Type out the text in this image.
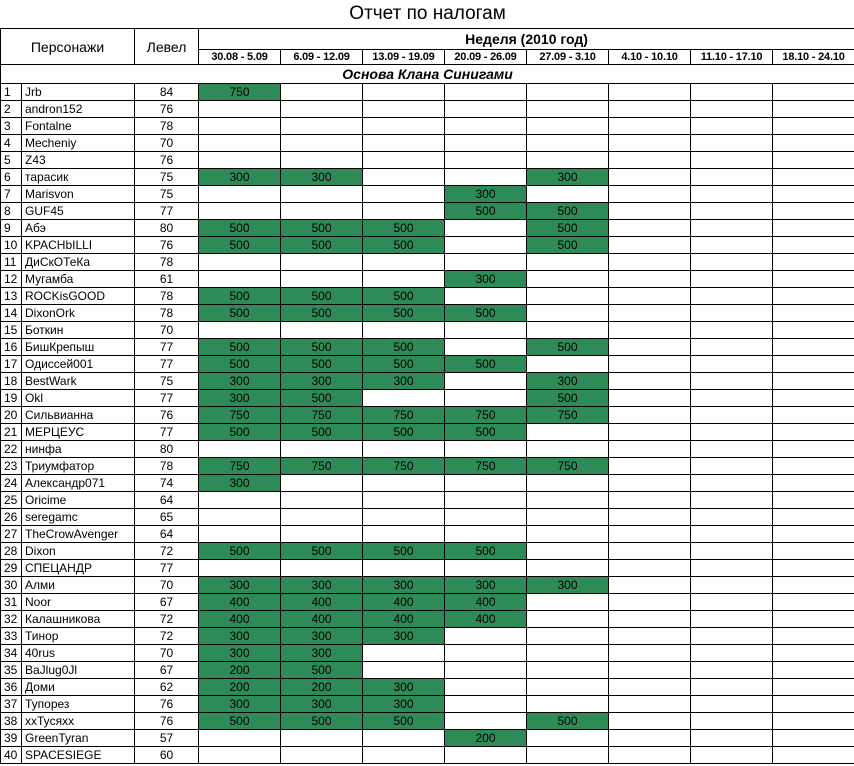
Отчет по налогам										
Персонажи		Левел	Неделя (2010 год)							
			30.08 - 5.09	6.09 - 12.09	13.09 - 19.09	20.09 - 26.09	27.09 - 3.10	4.10 - 10.10	11.10 - 17.10	18.10 - 24.10
Основа Клана Синигами										
1	Jrb	84	750							
2	andron152	76								
3	Fontalne	78								
4	Mecheniy	70								
5	Z43	76								
6	тарасик	75	300	300			300			
7	Marisvon	75				300				
8	GUF45	77				500	500			
9	Абэ	80	500	500	500		500			
10	KPACHbILLI	76	500	500	500		500			
11	ДиСкОТеКа	78								
12	Мугамба	61				300				
13	ROCKisGOOD	78	500	500	500					
14	DixonOrk	78	500	500	500	500				
15	Боткин	70								
16	БишКрепыш	77	500	500	500		500			
17	Одиссей001	77	500	500	500	500				
18	BestWark	75	300	300	300		300			
19	Okl	77	300	500			500			
20	Сильвианна	76	750	750	750	750	750			
21	МЕРЦЕУС	77	500	500	500	500				
22	нинфа	80								
23	Триумфатор	78	750	750	750	750	750			
24	Александр071	74	300							
25	Oricime	64								
26	seregamc	65								
27	TheCrowAvenger	64								
28	Dixon	72	500	500	500	500				
29	СПЕЦАНДР	77								
30	Алми	70	300	300	300	300	300			
31	Noor	67	400	400	400	400				
32	Калашникова	72	400	400	400	400				
33	Тинор	72	300	300	300					
34	40rus	70	300	300						
35	BaJlug0Jl	67	200	500						
36	Доми	62	200	200	300					
37	Тупорез	76	300	300	300					
38	xxTycяxx	76	500	500	500		500			
39	GreenTyran	57				200				
40	SPACESIEGE	60								
